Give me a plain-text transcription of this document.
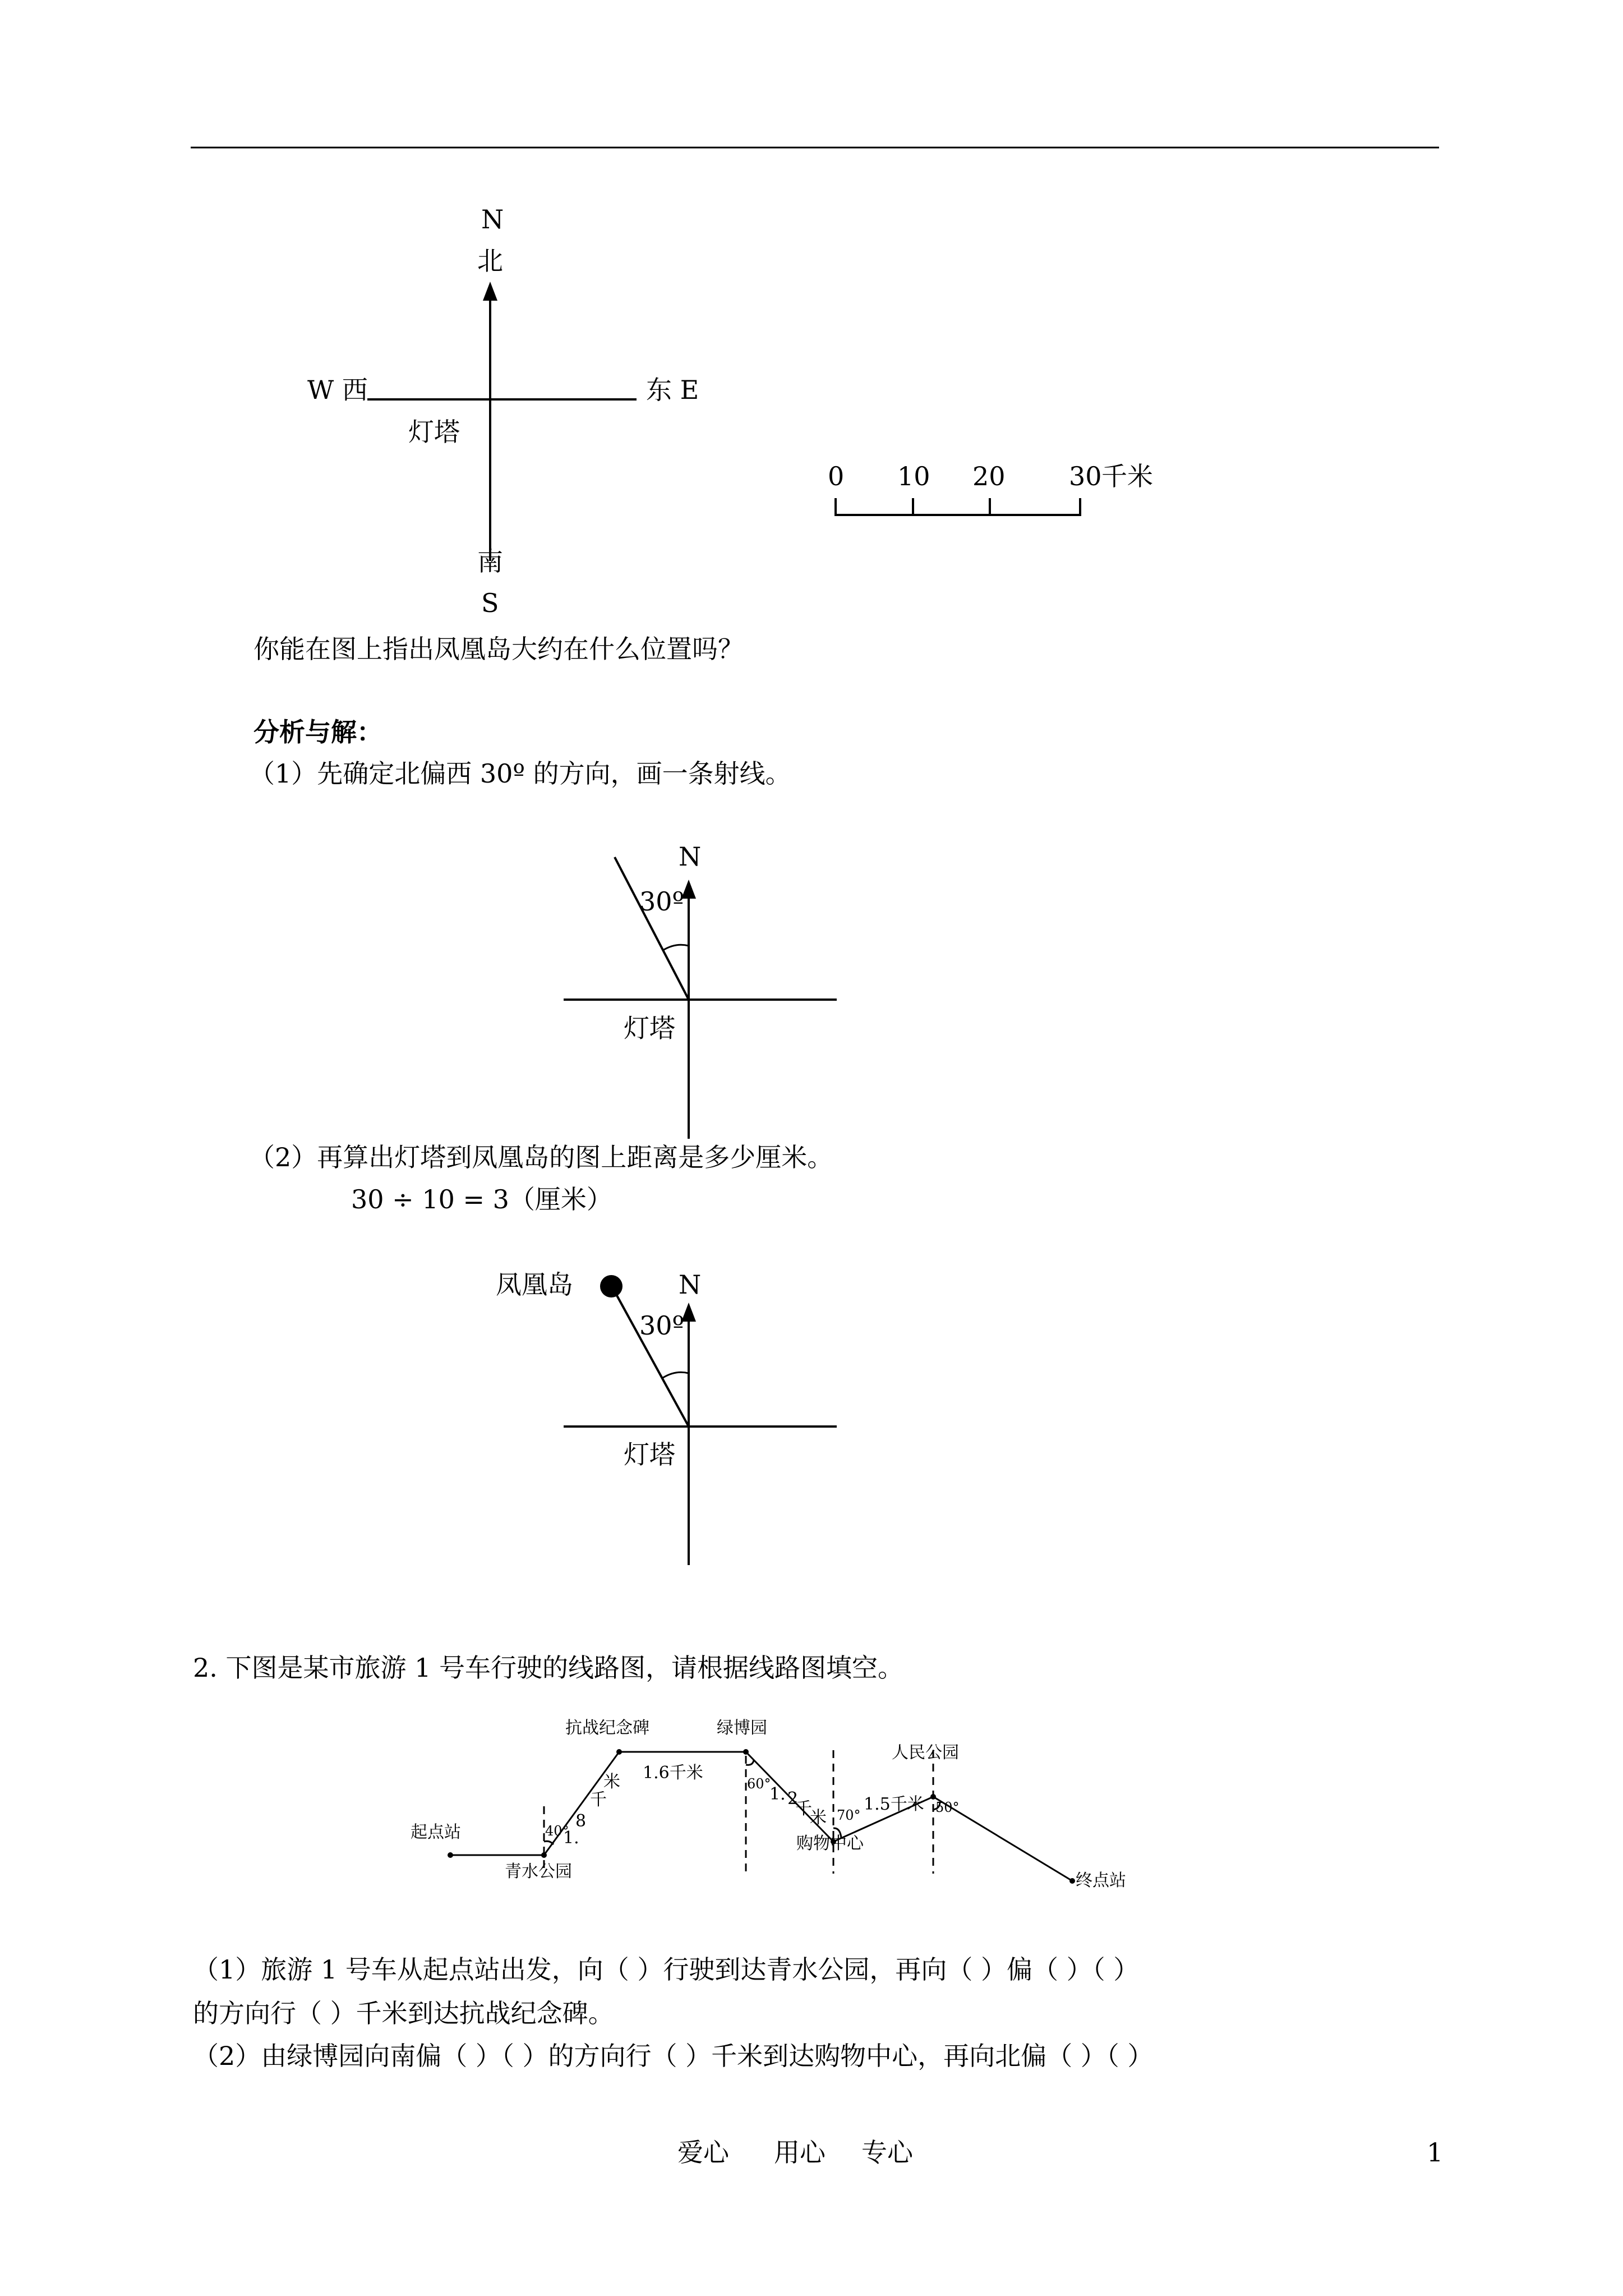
N
北
W 西	东 E
灯塔
南
S
0 10 20 30 千米
你能在图上指出凤凰岛大约在什么位置吗？
分析与解：
（1）先确定北偏西 30º 的方向，画一条射线。
N
30º
灯塔
（2）再算出灯塔到凤凰岛的图上距离是多少厘米。
30 ÷ 10 = 3（厘米）
凤凰岛	N
30º
灯塔
2. 下图是某市旅游 1 号车行驶的线路图，请根据线路图填空。
起点站
青水公园
抗战纪念碑	绿博园
购物中心
人民公园
终点站
1.
8
千
米 1.6千米
1. 2
千
米
1.5千米
40°
60°
70°	50°
（1）旅游 1 号车从起点站出发，向（ ）行驶到达青水公园，再向（ ）偏（ ）（ ）
的方向行（ ）千米到达抗战纪念碑。
（2）由绿博园向南偏（ ）（ ）的方向行（ ）千米到达购物中心，再向北偏（ ）（ ）
爱心 用心 专心	1
